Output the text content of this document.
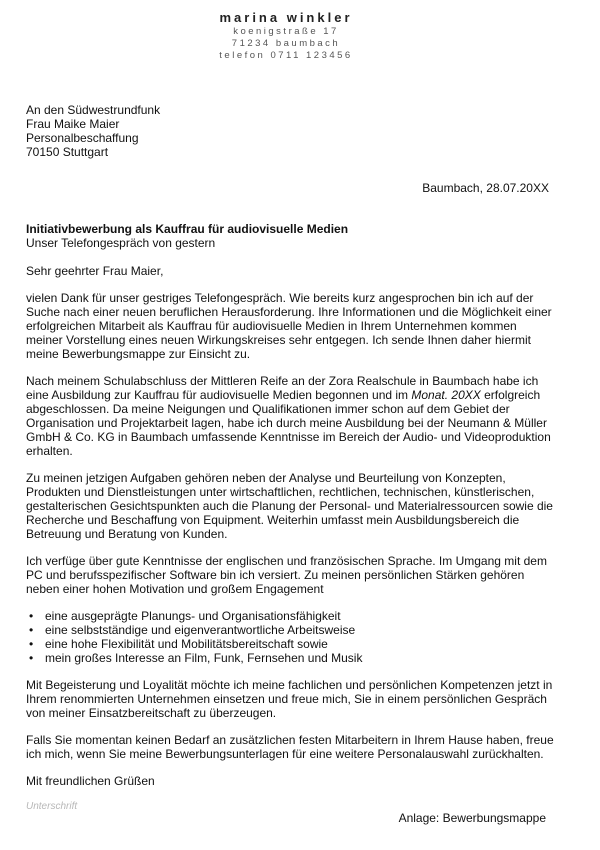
marina winkler
koenigstraße 17
71234 baumbach
telefon 0711 123456
An den Südwestrundfunk
Frau Maike Maier
Personalbeschaffung
70150 Stuttgart
Baumbach, 28.07.20XX
Initiativbewerbung als Kauffrau für audiovisuelle Medien
Unser Telefongespräch von gestern

Sehr geehrter Frau Maier,

vielen Dank für unser gestriges Telefongespräch. Wie bereits kurz angesprochen bin ich auf der Suche nach einer neuen beruflichen Herausforderung. Ihre Informationen und die Möglichkeit einer erfolgreichen Mitarbeit als Kauffrau für audiovisuelle Medien in Ihrem Unternehmen kommen meiner Vorstellung eines neuen Wirkungskreises sehr entgegen. Ich sende Ihnen daher hiermit meine Bewerbungsmappe zur Einsicht zu.

Nach meinem Schulabschluss der Mittleren Reife an der Zora Realschule in Baumbach habe ich eine Ausbildung zur Kauffrau für audiovisuelle Medien begonnen und im Monat. 20XX erfolgreich abgeschlossen. Da meine Neigungen und Qualifikationen immer schon auf dem Gebiet der Organisation und Projektarbeit lagen, habe ich durch meine Ausbildung bei der Neumann & Müller GmbH & Co. KG in Baumbach umfassende Kenntnisse im Bereich der Audio- und Videoproduktion erhalten.

Zu meinen jetzigen Aufgaben gehören neben der Analyse und Beurteilung von Konzepten, Produkten und Dienstleistungen unter wirtschaftlichen, rechtlichen, technischen, künstlerischen, gestalterischen Gesichtspunkten auch die Planung der Personal- und Materialressourcen sowie die Recherche und Beschaffung von Equipment. Weiterhin umfasst mein Ausbildungsbereich die Betreuung und Beratung von Kunden.

Ich verfüge über gute Kenntnisse der englischen und französischen Sprache. Im Umgang mit dem PC und berufsspezifischer Software bin ich versiert. Zu meinen persönlichen Stärken gehören neben einer hohen Motivation und großem Engagement

• eine ausgeprägte Planungs- und Organisationsfähigkeit
• eine selbstständige und eigenverantwortliche Arbeitsweise
• eine hohe Flexibilität und Mobilitätsbereitschaft sowie
• mein großes Interesse an Film, Funk, Fernsehen und Musik

Mit Begeisterung und Loyalität möchte ich meine fachlichen und persönlichen Kompetenzen jetzt in Ihrem renommierten Unternehmen einsetzen und freue mich, Sie in einem persönlichen Gespräch von meiner Einsatzbereitschaft zu überzeugen.

Falls Sie momentan keinen Bedarf an zusätzlichen festen Mitarbeitern in Ihrem Hause haben, freue ich mich, wenn Sie meine Bewerbungsunterlagen für eine weitere Personalauswahl zurückhalten.

Mit freundlichen Grüßen

Unterschrift
Anlage: Bewerbungsmappe
